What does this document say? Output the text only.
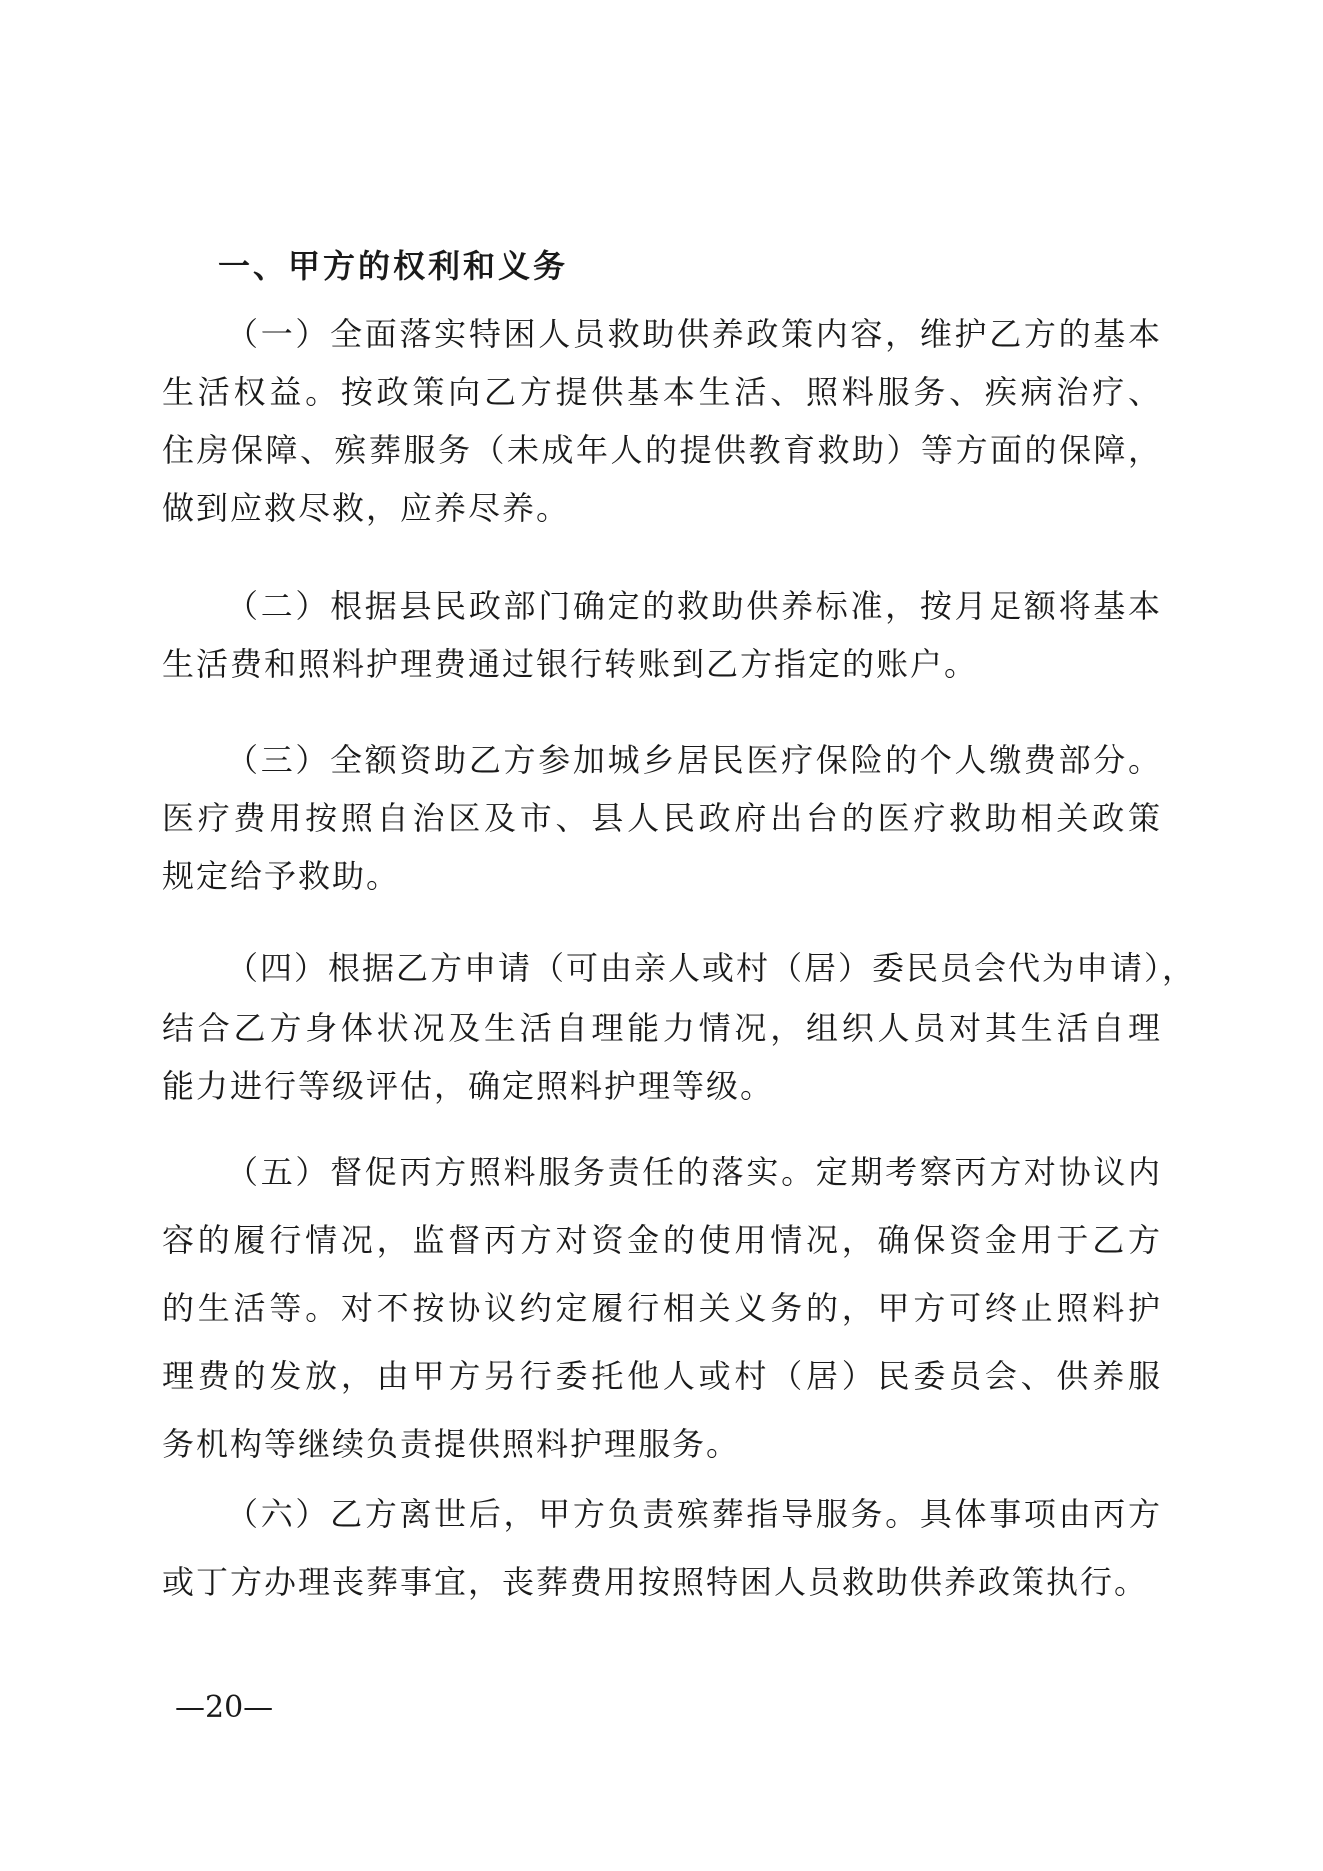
一、甲方的权利和义务
（一）全面落实特困人员救助供养政策内容，维护乙方的基本
生活权益。按政策向乙方提供基本生活、照料服务、疾病治疗、
住房保障、殡葬服务（未成年人的提供教育救助）等方面的保障，
做到应救尽救，应养尽养。
（二）根据县民政部门确定的救助供养标准，按月足额将基本
生活费和照料护理费通过银行转账到乙方指定的账户。
（三）全额资助乙方参加城乡居民医疗保险的个人缴费部分。
医疗费用按照自治区及市、县人民政府出台的医疗救助相关政策
规定给予救助。
（四）根据乙方申请（可由亲人或村（居）委民员会代为申请），
结合乙方身体状况及生活自理能力情况，组织人员对其生活自理
能力进行等级评估，确定照料护理等级。
（五）督促丙方照料服务责任的落实。定期考察丙方对协议内
容的履行情况，监督丙方对资金的使用情况，确保资金用于乙方
的生活等。对不按协议约定履行相关义务的，甲方可终止照料护
理费的发放，由甲方另行委托他人或村（居）民委员会、供养服
务机构等继续负责提供照料护理服务。
（六）乙方离世后，甲方负责殡葬指导服务。具体事项由丙方
或丁方办理丧葬事宜，丧葬费用按照特困人员救助供养政策执行。
—20—
